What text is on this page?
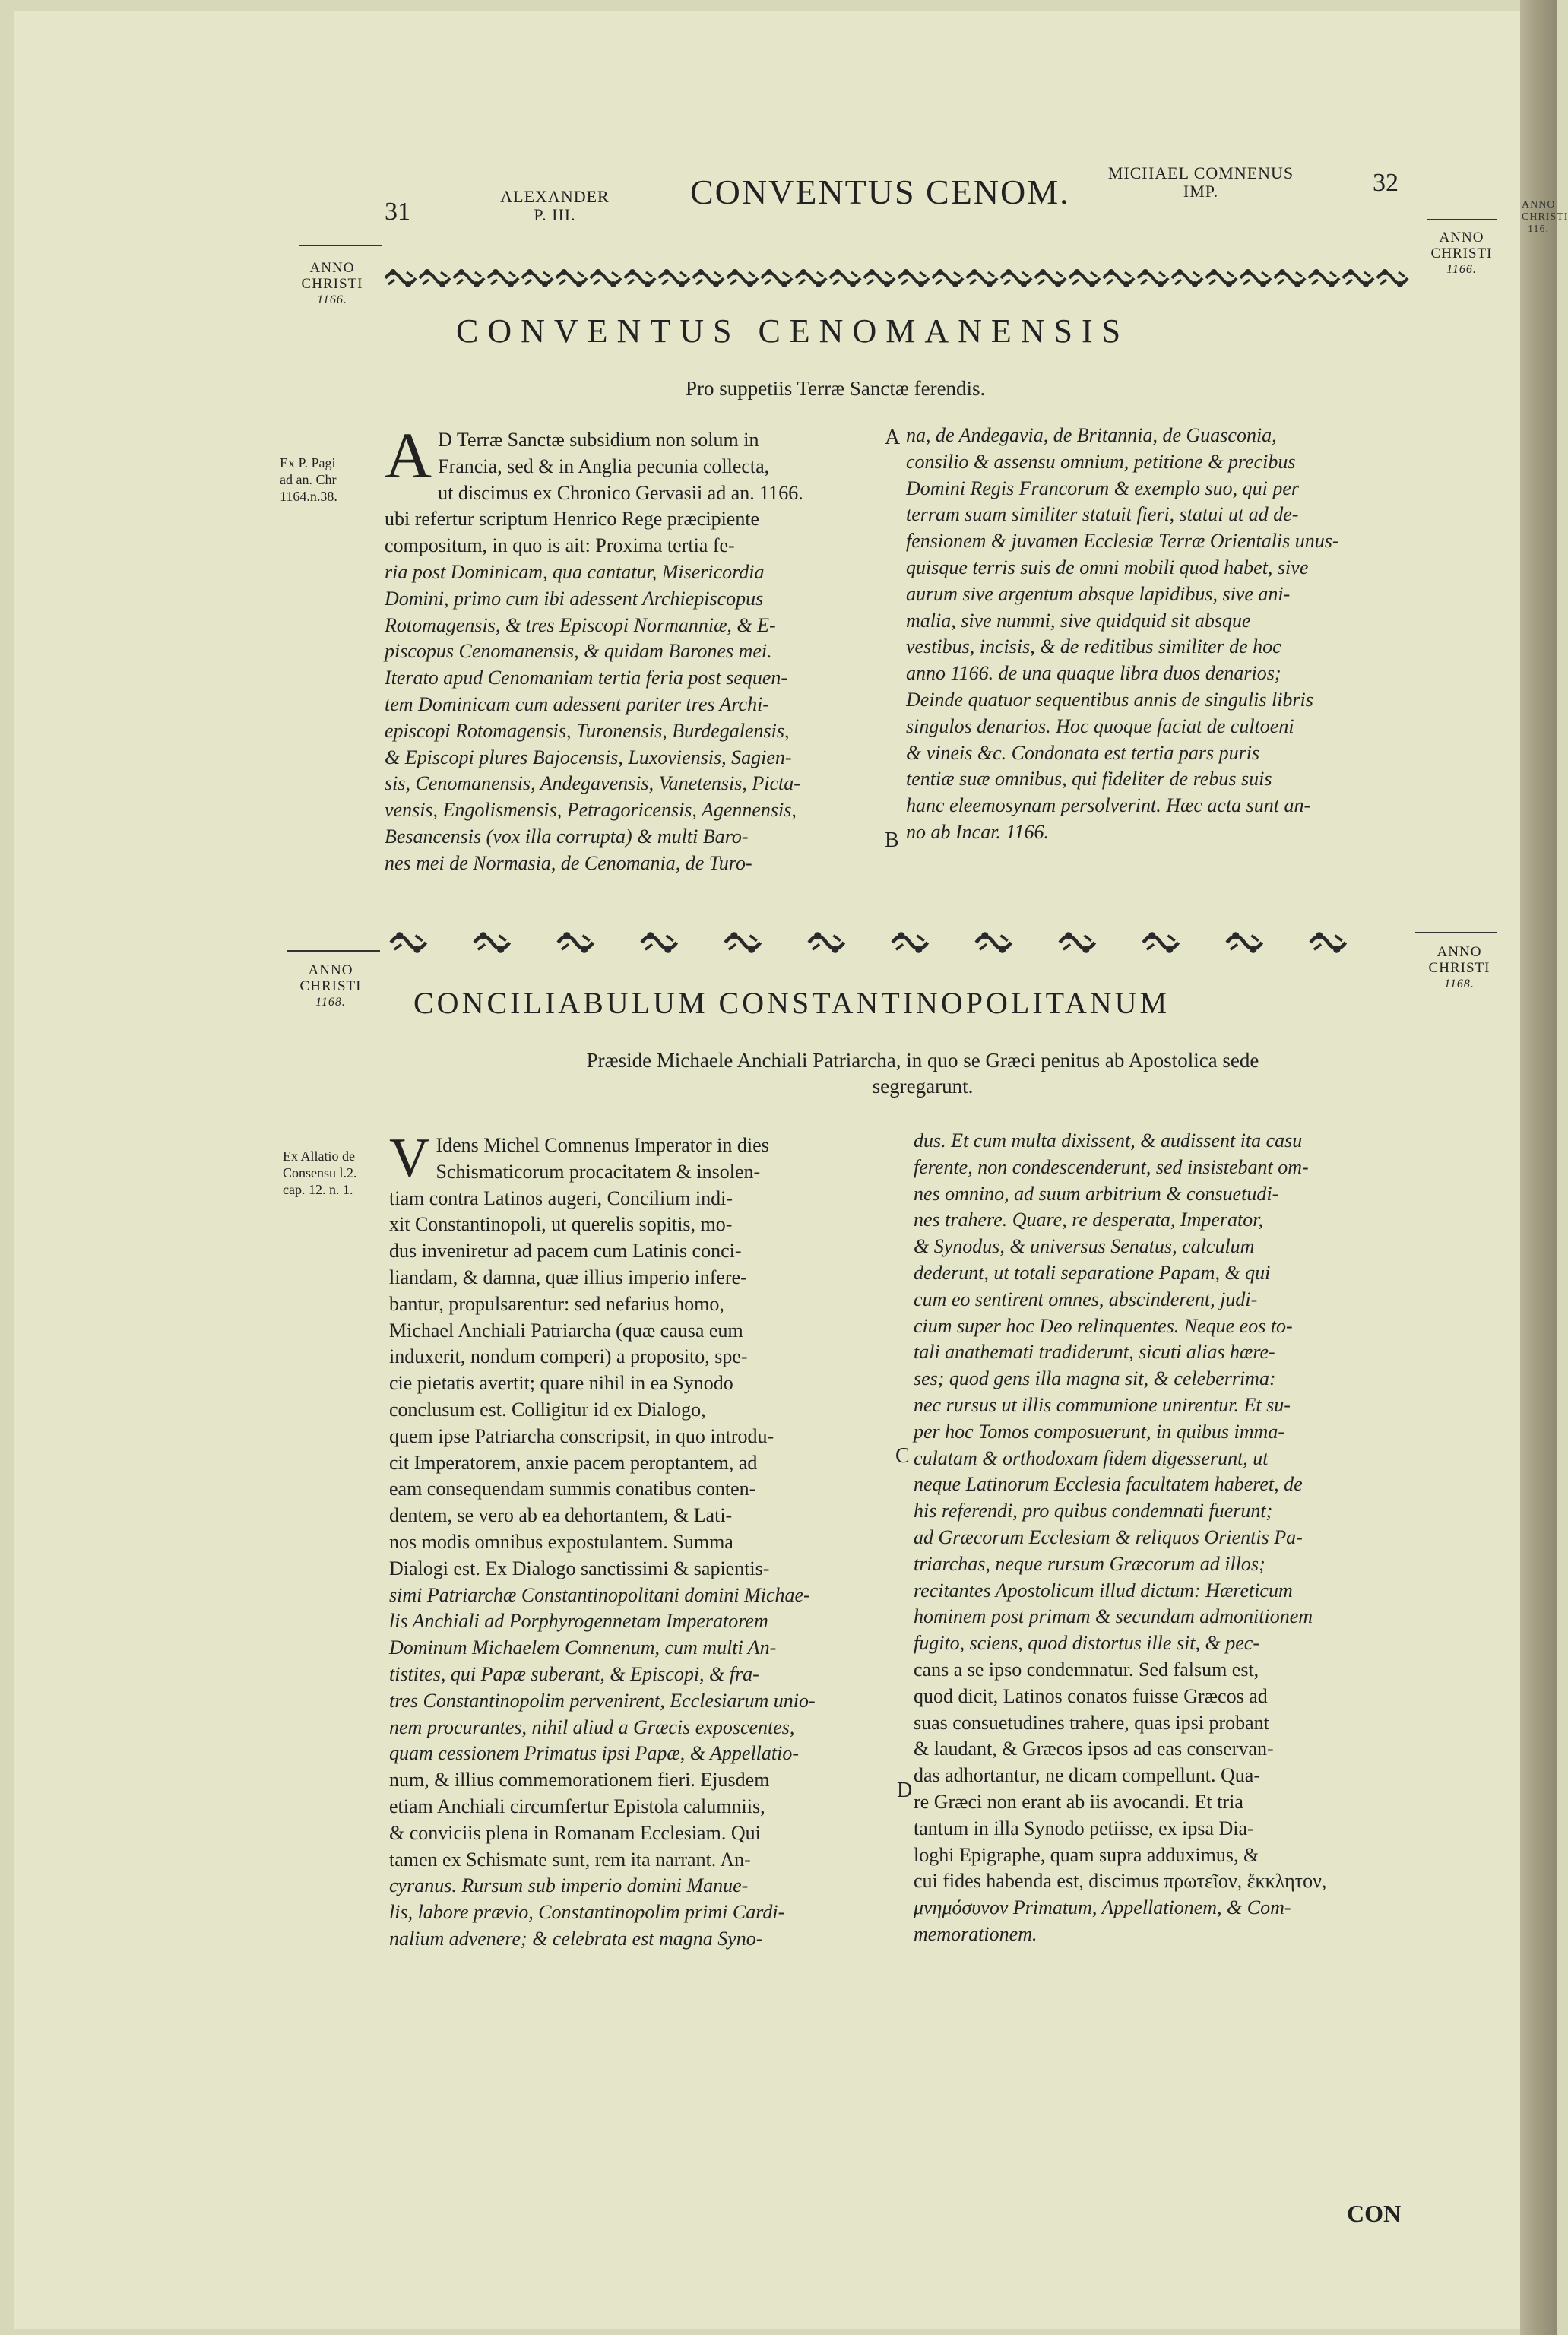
ANNO
CHRISTI
116.
31
ALEXANDER
P. III.
CONVENTUS CENOM.	MICHAEL COMNENUS
IMP.	32
ANNO
CHRISTI
1166.
ANNO
CHRISTI
1166.
CONVENTUS CENOMANENSIS
Pro suppetiis Terræ Sanctæ ferendis.
Ex P. Pagi
ad an. Chr
1164.n.38.
A D Terræ Sanctæ subsidium non solum in
Francia, sed & in Anglia pecunia collecta,
ut discimus ex Chronico Gervasii ad an. 1166.
ubi refertur scriptum Henrico Rege præcipiente
compositum, in quo is ait: Proxima tertia fe-
ria post Dominicam, qua cantatur, Misericordia
Domini, primo cum ibi adessent Archiepiscopus
Rotomagensis, & tres Episcopi Normanniæ, & E-
piscopus Cenomanensis, & quidam Barones mei.
Iterato apud Cenomaniam tertia feria post sequen-
tem Dominicam cum adessent pariter tres Archi-
episcopi Rotomagensis, Turonensis, Burdegalensis,
& Episcopi plures Bajocensis, Luxoviensis, Sagien-
sis, Cenomanensis, Andegavensis, Vanetensis, Picta-
vensis, Engolismensis, Petragoricensis, Agennensis,
Besancensis (vox illa corrupta) & multi Baro-
nes mei de Normasia, de Cenomania, de Turo-
A
B
na, de Andegavia, de Britannia, de Guasconia,
consilio & assensu omnium, petitione & precibus
Domini Regis Francorum & exemplo suo, qui per
terram suam similiter statuit fieri, statui ut ad de-
fensionem & juvamen Ecclesiæ Terræ Orientalis unus-
quisque terris suis de omni mobili quod habet, sive
aurum sive argentum absque lapidibus, sive ani-
malia, sive nummi, sive quidquid sit absque
vestibus, incisis, & de reditibus similiter de hoc
anno 1166. de una quaque libra duos denarios;
Deinde quatuor sequentibus annis de singulis libris
singulos denarios. Hoc quoque faciat de cultoeni
& vineis &c. Condonata est tertia pars puris
tentiæ suæ omnibus, qui fideliter de rebus suis
hanc eleemosynam persolverint. Hæc acta sunt an-
no ab Incar. 1166.
ANNO
CHRISTI
1168.
ANNO
CHRISTI
1168.
CONCILIABULUM CONSTANTINOPOLITANUM
Præside Michaele Anchiali Patriarcha, in quo se Græci penitus ab Apostolica sede
segregarunt.
Ex Allatio de
Consensu l.2.
cap. 12. n. 1. V Idens Michel Comnenus Imperator in dies
Schismaticorum procacitatem & insolen-
tiam contra Latinos augeri, Concilium indi-
xit Constantinopoli, ut querelis sopitis, mo-
dus inveniretur ad pacem cum Latinis conci-
liandam, & damna, quæ illius imperio infere-
bantur, propulsarentur: sed nefarius homo,
Michael Anchiali Patriarcha (quæ causa eum
induxerit, nondum comperi) a proposito, spe-
cie pietatis avertit; quare nihil in ea Synodo
conclusum est. Colligitur id ex Dialogo,
quem ipse Patriarcha conscripsit, in quo introdu-
cit Imperatorem, anxie pacem peroptantem, ad
eam consequendam summis conatibus conten-
dentem, se vero ab ea dehortantem, & Lati-
nos modis omnibus expostulantem. Summa
Dialogi est. Ex Dialogo sanctissimi & sapientis-
simi Patriarchæ Constantinopolitani domini Michae-
lis Anchiali ad Porphyrogennetam Imperatorem
Dominum Michaelem Comnenum, cum multi An-
tistites, qui Papæ suberant, & Episcopi, & fra-
tres Constantinopolim pervenirent, Ecclesiarum unio-
nem procurantes, nihil aliud a Græcis exposcentes,
quam cessionem Primatus ipsi Papæ, & Appellatio-
num, & illius commemorationem fieri. Ejusdem
etiam Anchiali circumfertur Epistola calumniis,
& conviciis plena in Romanam Ecclesiam. Qui
tamen ex Schismate sunt, rem ita narrant. An-
cyranus. Rursum sub imperio domini Manue-
lis, labore prævio, Constantinopolim primi Cardi-
nalium advenere; & celebrata est magna Syno-
C
D
dus. Et cum multa dixissent, & audissent ita casu
ferente, non condescenderunt, sed insistebant om-
nes omnino, ad suum arbitrium & consuetudi-
nes trahere. Quare, re desperata, Imperator,
& Synodus, & universus Senatus, calculum
dederunt, ut totali separatione Papam, & qui
cum eo sentirent omnes, abscinderent, judi-
cium super hoc Deo relinquentes. Neque eos to-
tali anathemati tradiderunt, sicuti alias hære-
ses; quod gens illa magna sit, & celeberrima:
nec rursus ut illis communione unirentur. Et su-
per hoc Tomos composuerunt, in quibus imma-
culatam & orthodoxam fidem digesserunt, ut
neque Latinorum Ecclesia facultatem haberet, de
his referendi, pro quibus condemnati fuerunt;
ad Græcorum Ecclesiam & reliquos Orientis Pa-
triarchas, neque rursum Græcorum ad illos;
recitantes Apostolicum illud dictum: Hæreticum
hominem post primam & secundam admonitionem
fugito, sciens, quod distortus ille sit, & pec-
cans a se ipso condemnatur. Sed falsum est,
quod dicit, Latinos conatos fuisse Græcos ad
suas consuetudines trahere, quas ipsi probant
& laudant, & Græcos ipsos ad eas conservan-
das adhortantur, ne dicam compellunt. Qua-
re Græci non erant ab iis avocandi. Et tria
tantum in illa Synodo petiisse, ex ipsa Dia-
loghi Epigraphe, quam supra adduximus, &
cui fides habenda est, discimus πρωτεῖον, ἔκκλητον,
μνημόσυνον Primatum, Appellationem, & Com-
memorationem.
CON
